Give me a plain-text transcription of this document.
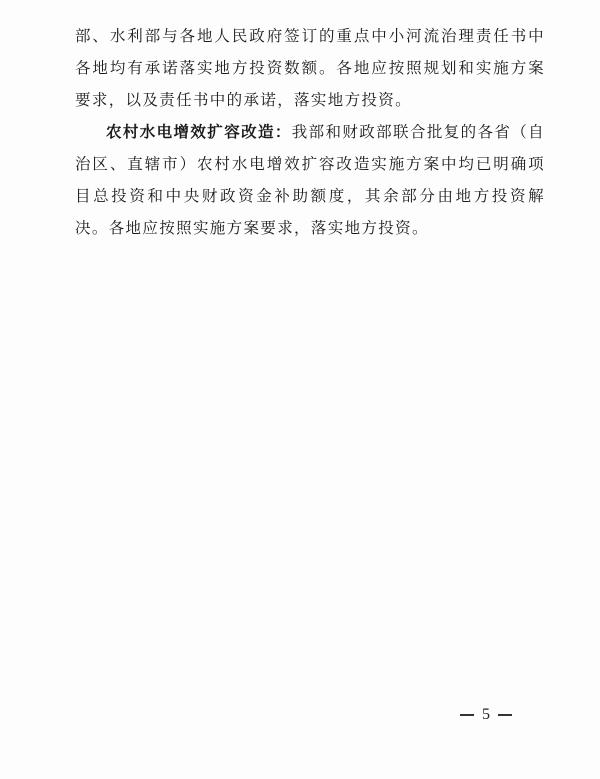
部、水利部与各地人民政府签订的重点中小河流治理责任书中各地均有承诺落实地方投资数额。各地应按照规划和实施方案要求，以及责任书中的承诺，落实地方投资。

农村水电增效扩容改造：我部和财政部联合批复的各省（自治区、直辖市）农村水电增效扩容改造实施方案中均已明确项目总投资和中央财政资金补助额度，其余部分由地方投资解决。各地应按照实施方案要求，落实地方投资。

5
